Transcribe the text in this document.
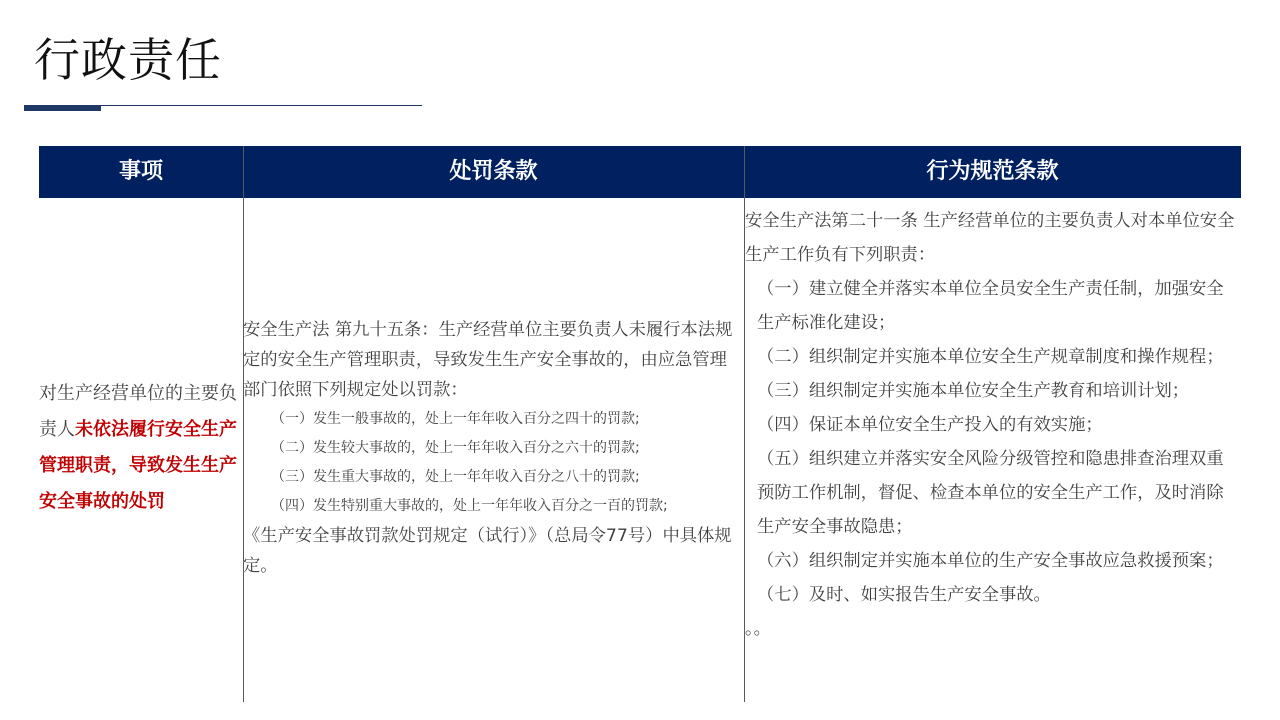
行政责任
事项	处罚条款	行为规范条款
对生产经营单位的主要负责人未依法履行安全生产管理职责，导致发生生产安全事故的处罚

安全生产法 第九十五条：生产经营单位主要负责人未履行本法规定的安全生产管理职责，导致发生生产安全事故的，由应急管理部门依照下列规定处以罚款：

（一）发生一般事故的，处上一年年收入百分之四十的罚款;

（二）发生较大事故的，处上一年年收入百分之六十的罚款;

（三）发生重大事故的，处上一年年收入百分之八十的罚款;

（四）发生特别重大事故的，处上一年年收入百分之一百的罚款;

《生产安全事故罚款处罚规定（试行）》（总局令77号）中具体规定。

安全生产法第二十一条 生产经营单位的主要负责人对本单位安全生产工作负有下列职责：

（一）建立健全并落实本单位全员安全生产责任制，加强安全生产标准化建设；

（二）组织制定并实施本单位安全生产规章制度和操作规程；

（三）组织制定并实施本单位安全生产教育和培训计划；

（四）保证本单位安全生产投入的有效实施；

（五）组织建立并落实安全风险分级管控和隐患排查治理双重预防工作机制，督促、检查本单位的安全生产工作，及时消除生产安全事故隐患；

（六）组织制定并实施本单位的生产安全事故应急救援预案；

（七）及时、如实报告生产安全事故。

。。
